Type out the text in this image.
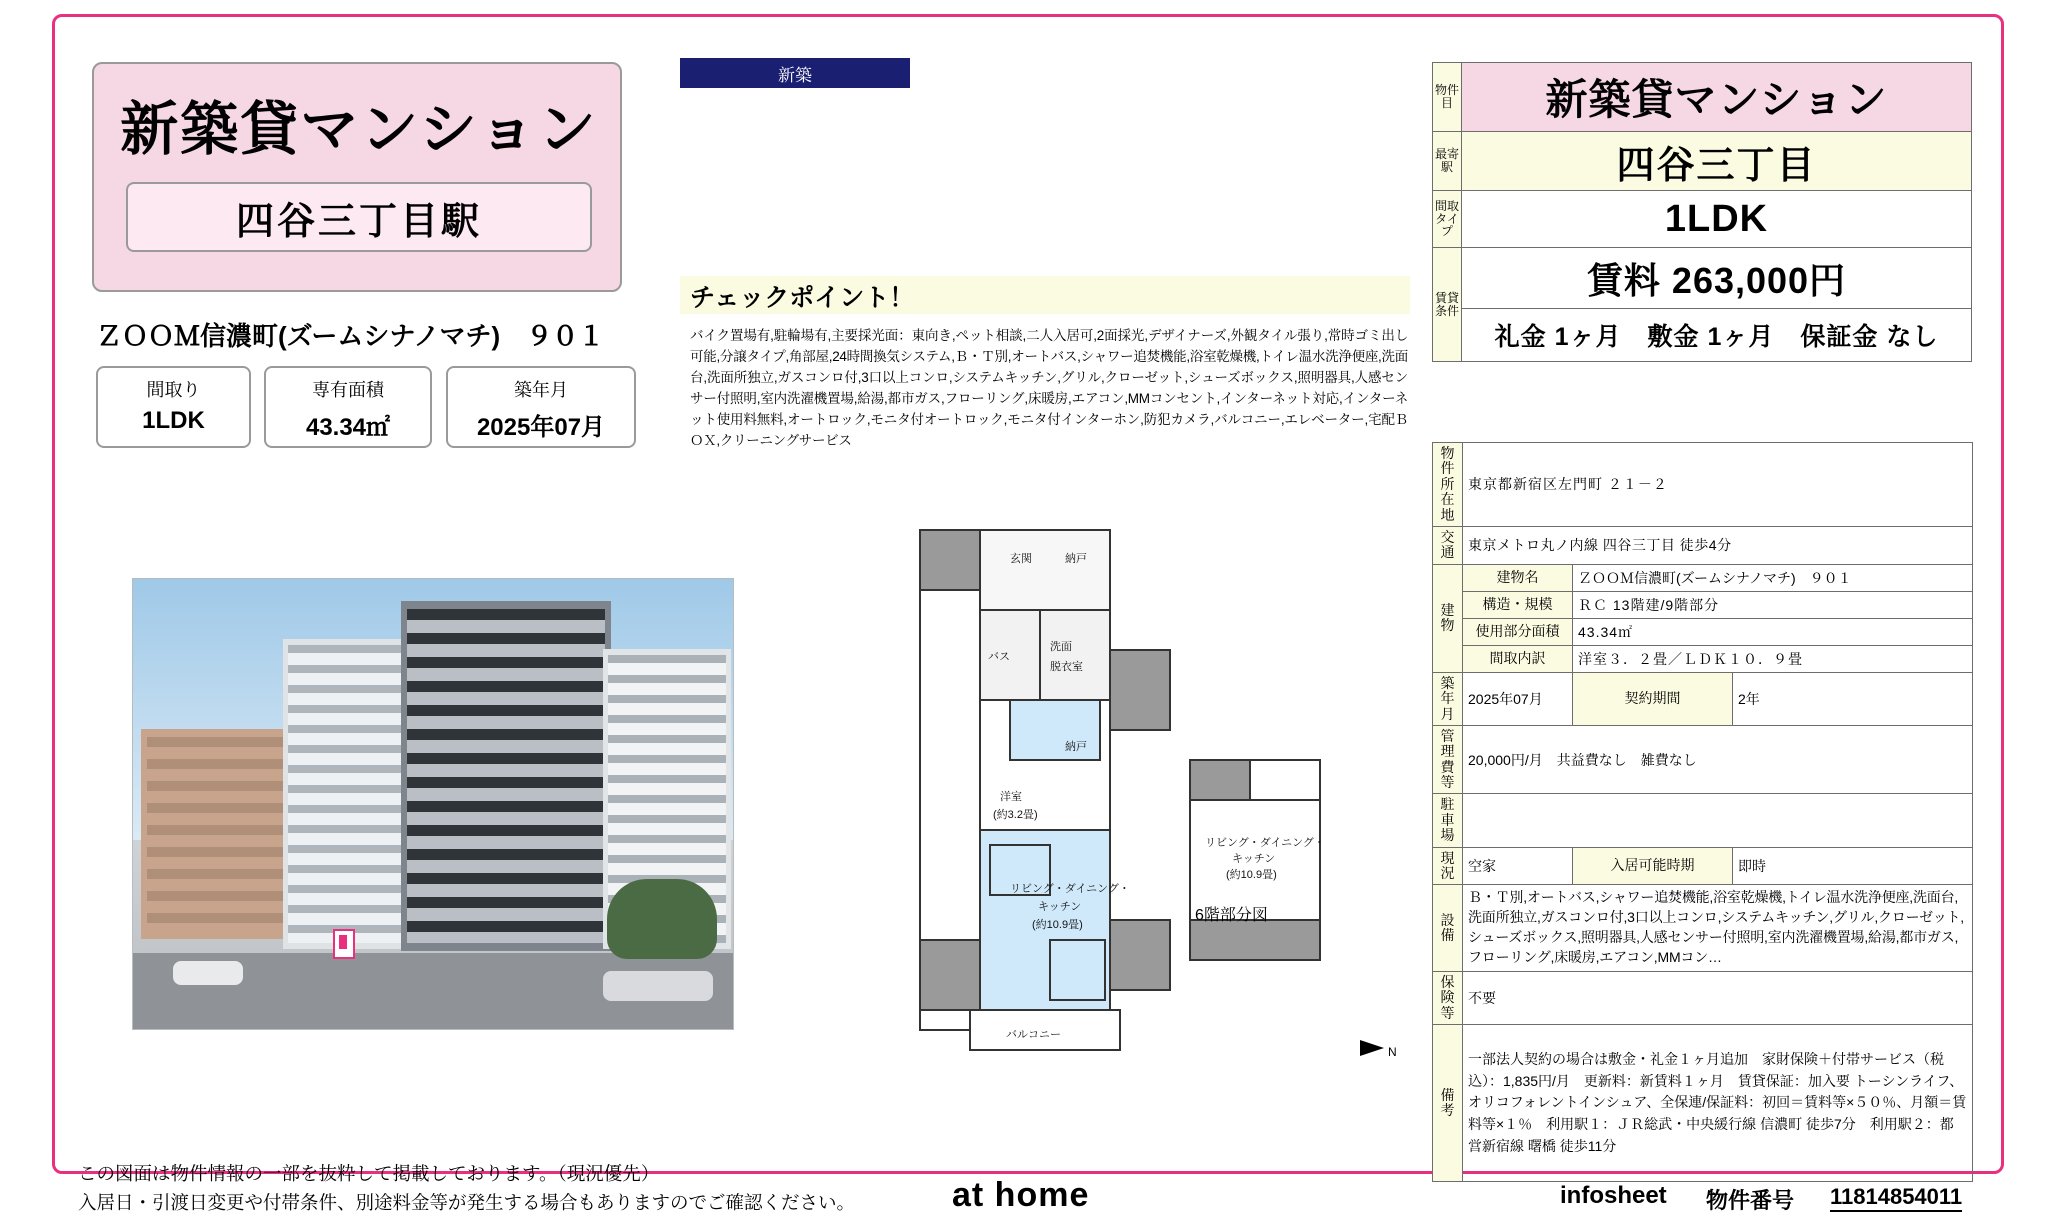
新築貸マンション
四谷三丁目駅
ＺＯＯＭ信濃町(ズームシナノマチ)　９０１
間取り
1LDK
専有面積
43.34㎡
築年月
2025年07月
新築
チェックポイント！
バイク置場有,駐輪場有,主要採光面：東向き,ペット相談,二人入居可,2面採光,デザイナーズ,外観タイル張り,常時ゴミ出し可能,分譲タイプ,角部屋,24時間換気システム,Ｂ・Ｔ別,オートバス,シャワー追焚機能,浴室乾燥機,トイレ温水洗浄便座,洗面台,洗面所独立,ガスコンロ付,3口以上コンロ,システムキッチン,グリル,クローゼット,シューズボックス,照明器具,人感センサー付照明,室内洗濯機置場,給湯,都市ガス,フローリング,床暖房,エアコン,MMコンセント,インターネット対応,インターネット使用料無料,オートロック,モニタ付オートロック,モニタ付インターホン,防犯カメラ,バルコニー,エレベーター,宅配ＢＯＸ,クリーニングサービス
玄関	納戸
バス
洗面
脱衣室
納戸
洋室
(約3.2畳)
リビング・ダイニング・
キッチン
(約10.9畳)
バルコニー
リビング・ダイニング・
キッチン
(約10.9畳)
N
6階部分図
物件目	新築貸マンション
最寄駅	四谷三丁目
間取タイプ	1LDK
賃貸条件	賃料 263,000円
	礼金 1ヶ月　敷金 1ヶ月　保証金 なし
物件所在地	東京都新宿区左門町 ２１－２		
交通	東京メトロ丸ノ内線 四谷三丁目 徒歩4分		
建物	建物名	ＺＯＯＭ信濃町(ズームシナノマチ)　９０１	
	構造・規模	ＲＣ 13階建/9階部分	
	使用部分面積	43.34㎡	
	間取内訳	洋室３．２畳／ＬＤＫ１０．９畳	
築年月	2025年07月	契約期間	2年
管理費等	20,000円/月　共益費なし　雑費なし		
駐車場			
現況	空家	入居可能時期	即時
設備	Ｂ・Ｔ別,オートバス,シャワー追焚機能,浴室乾燥機,トイレ温水洗浄便座,洗面台,洗面所独立,ガスコンロ付,3口以上コンロ,システムキッチン,グリル,クローゼット,シューズボックス,照明器具,人感センサー付照明,室内洗濯機置場,給湯,都市ガス,フローリング,床暖房,エアコン,MMコン…		
保険等	不要		
備考	一部法人契約の場合は敷金・礼金１ヶ月追加　家財保険＋付帯サービス（税込）：1,835円/月　更新料：新賃料１ヶ月　賃貸保証：加入要 トーシンライフ、オリコフォレントインシュア、全保連/保証料：初回＝賃料等×５０％、月額＝賃料等×１％　利用駅１：ＪＲ総武・中央緩行線 信濃町 徒歩7分　利用駅２：都営新宿線 曙橋 徒歩11分		
この図面は物件情報の一部を抜粋して掲載しております。（現況優先）
入居日・引渡日変更や付帯条件、別途料金等が発生する場合もありますのでご確認ください。	at home	infosheet 物件番号 11814854011
